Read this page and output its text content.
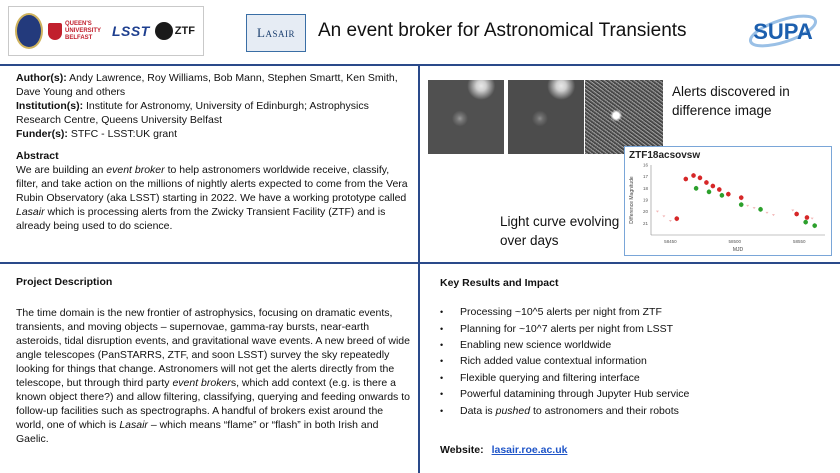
QUEEN'S UNIVERSITY BELFAST	LSST ZTF	Lasair	An event broker for Astronomical Transients	SUPA
Author(s): Andy Lawrence, Roy Williams, Bob Mann, Stephen Smartt, Ken Smith, Dave Young and others
Institution(s): Institute for Astronomy, University of Edinburgh; Astrophysics Research Centre, Queens University Belfast
Funder(s): STFC - LSST:UK grant
Abstract
We are building an event broker to help astronomers worldwide receive, classify, filter, and take action on the millions of nightly alerts expected to come from the Vera Rubin Observatory (aka LSST) starting in 2022. We have a working prototype called Lasair which is processing alerts from the Zwicky Transient Facility (ZTF) and is already being used to do science.
Alerts discovered in difference image
ZTF18acsovsw
58450	58500	58550
16
17
18
19
20
21
MJD
Difference Magnitude
Light curve evolving over days
Project Description
The time domain is the new frontier of astrophysics, focusing on dramatic events, transients, and moving objects – supernovae, gamma-ray bursts, near-earth asteroids, tidal disruption events, and gravitational wave events. A new breed of wide angle telescopes (PanSTARRS, ZTF, and soon LSST) survey the sky repeatedly looking for things that change. Astronomers will not get the alerts directly from the telescope, but through third party event brokers, which add context (e.g. is there a known object there?) and allow filtering, classifying, querying and feeding onwards to follow-up facilities such as spectrographs. A handful of brokers exist around the world, one of which is Lasair – which means “flame” or “flash” in both Irish and Gaelic.
Key Results and Impact
•	Processing ~10^5 alerts per night from ZTF
•	Planning for ~10^7 alerts per night from LSST
•	Enabling new science worldwide
•	Rich added value contextual information
•	Flexible querying and filtering interface
•	Powerful datamining through Jupyter Hub service
•	Data is pushed to astronomers and their robots
Website: lasair.roe.ac.uk
